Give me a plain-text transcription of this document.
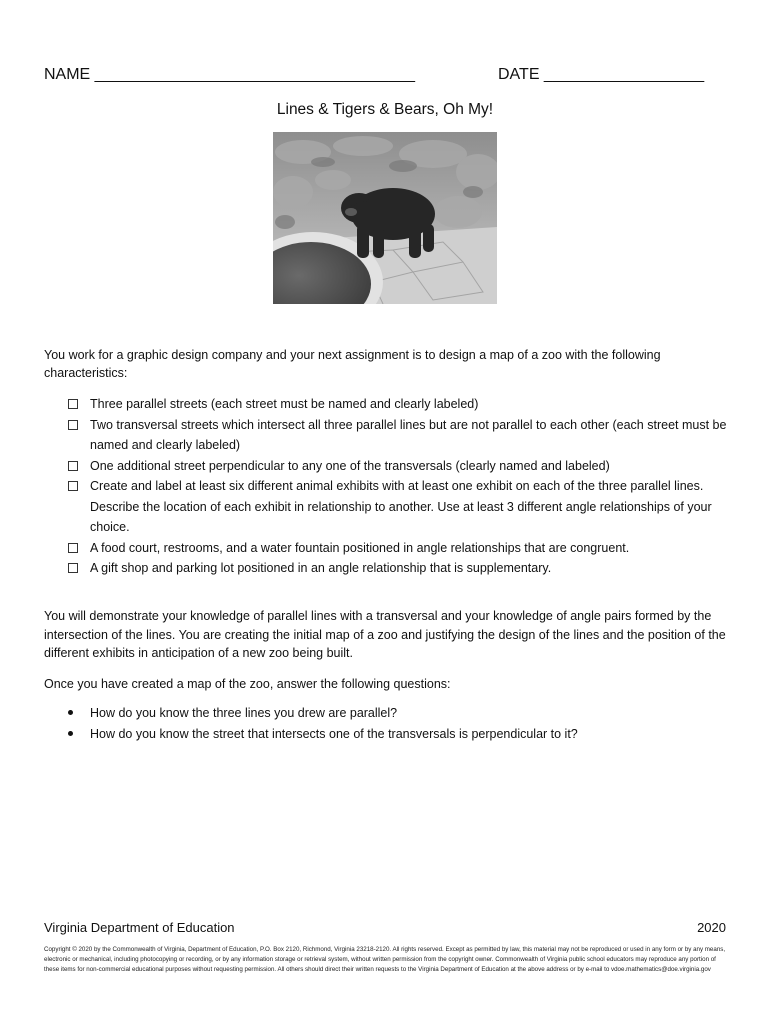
NAME ____________________________________	DATE __________________
Lines & Tigers & Bears, Oh My!
You work for a graphic design company and your next assignment is to design a map of a zoo with the following characteristics:
Three parallel streets (each street must be named and clearly labeled)
Two transversal streets which intersect all three parallel lines but are not parallel to each other (each street must be named and clearly labeled)
One additional street perpendicular to any one of the transversals (clearly named and labeled)
Create and label at least six different animal exhibits with at least one exhibit on each of the three parallel lines. Describe the location of each exhibit in relationship to another. Use at least 3 different angle relationships of your choice.
A food court, restrooms, and a water fountain positioned in angle relationships that are congruent.
A gift shop and parking lot positioned in an angle relationship that is supplementary.
You will demonstrate your knowledge of parallel lines with a transversal and your knowledge of angle pairs formed by the intersection of the lines. You are creating the initial map of a zoo and justifying the design of the lines and the position of the different exhibits in anticipation of a new zoo being built.
Once you have created a map of the zoo, answer the following questions:
How do you know the three lines you drew are parallel?
How do you know the street that intersects one of the transversals is perpendicular to it?
Virginia Department of Education	2020
Copyright © 2020 by the Commonwealth of Virginia, Department of Education, P.O. Box 2120, Richmond, Virginia 23218-2120. All rights reserved. Except as permitted by law, this material may not be reproduced or used in any form or by any means, electronic or mechanical, including photocopying or recording, or by any information storage or retrieval system, without written permission from the copyright owner. Commonwealth of Virginia public school educators may reproduce any portion of these items for non-commercial educational purposes without requesting permission. All others should direct their written requests to the Virginia Department of Education at the above address or by e-mail to vdoe.mathematics@doe.virginia.gov
